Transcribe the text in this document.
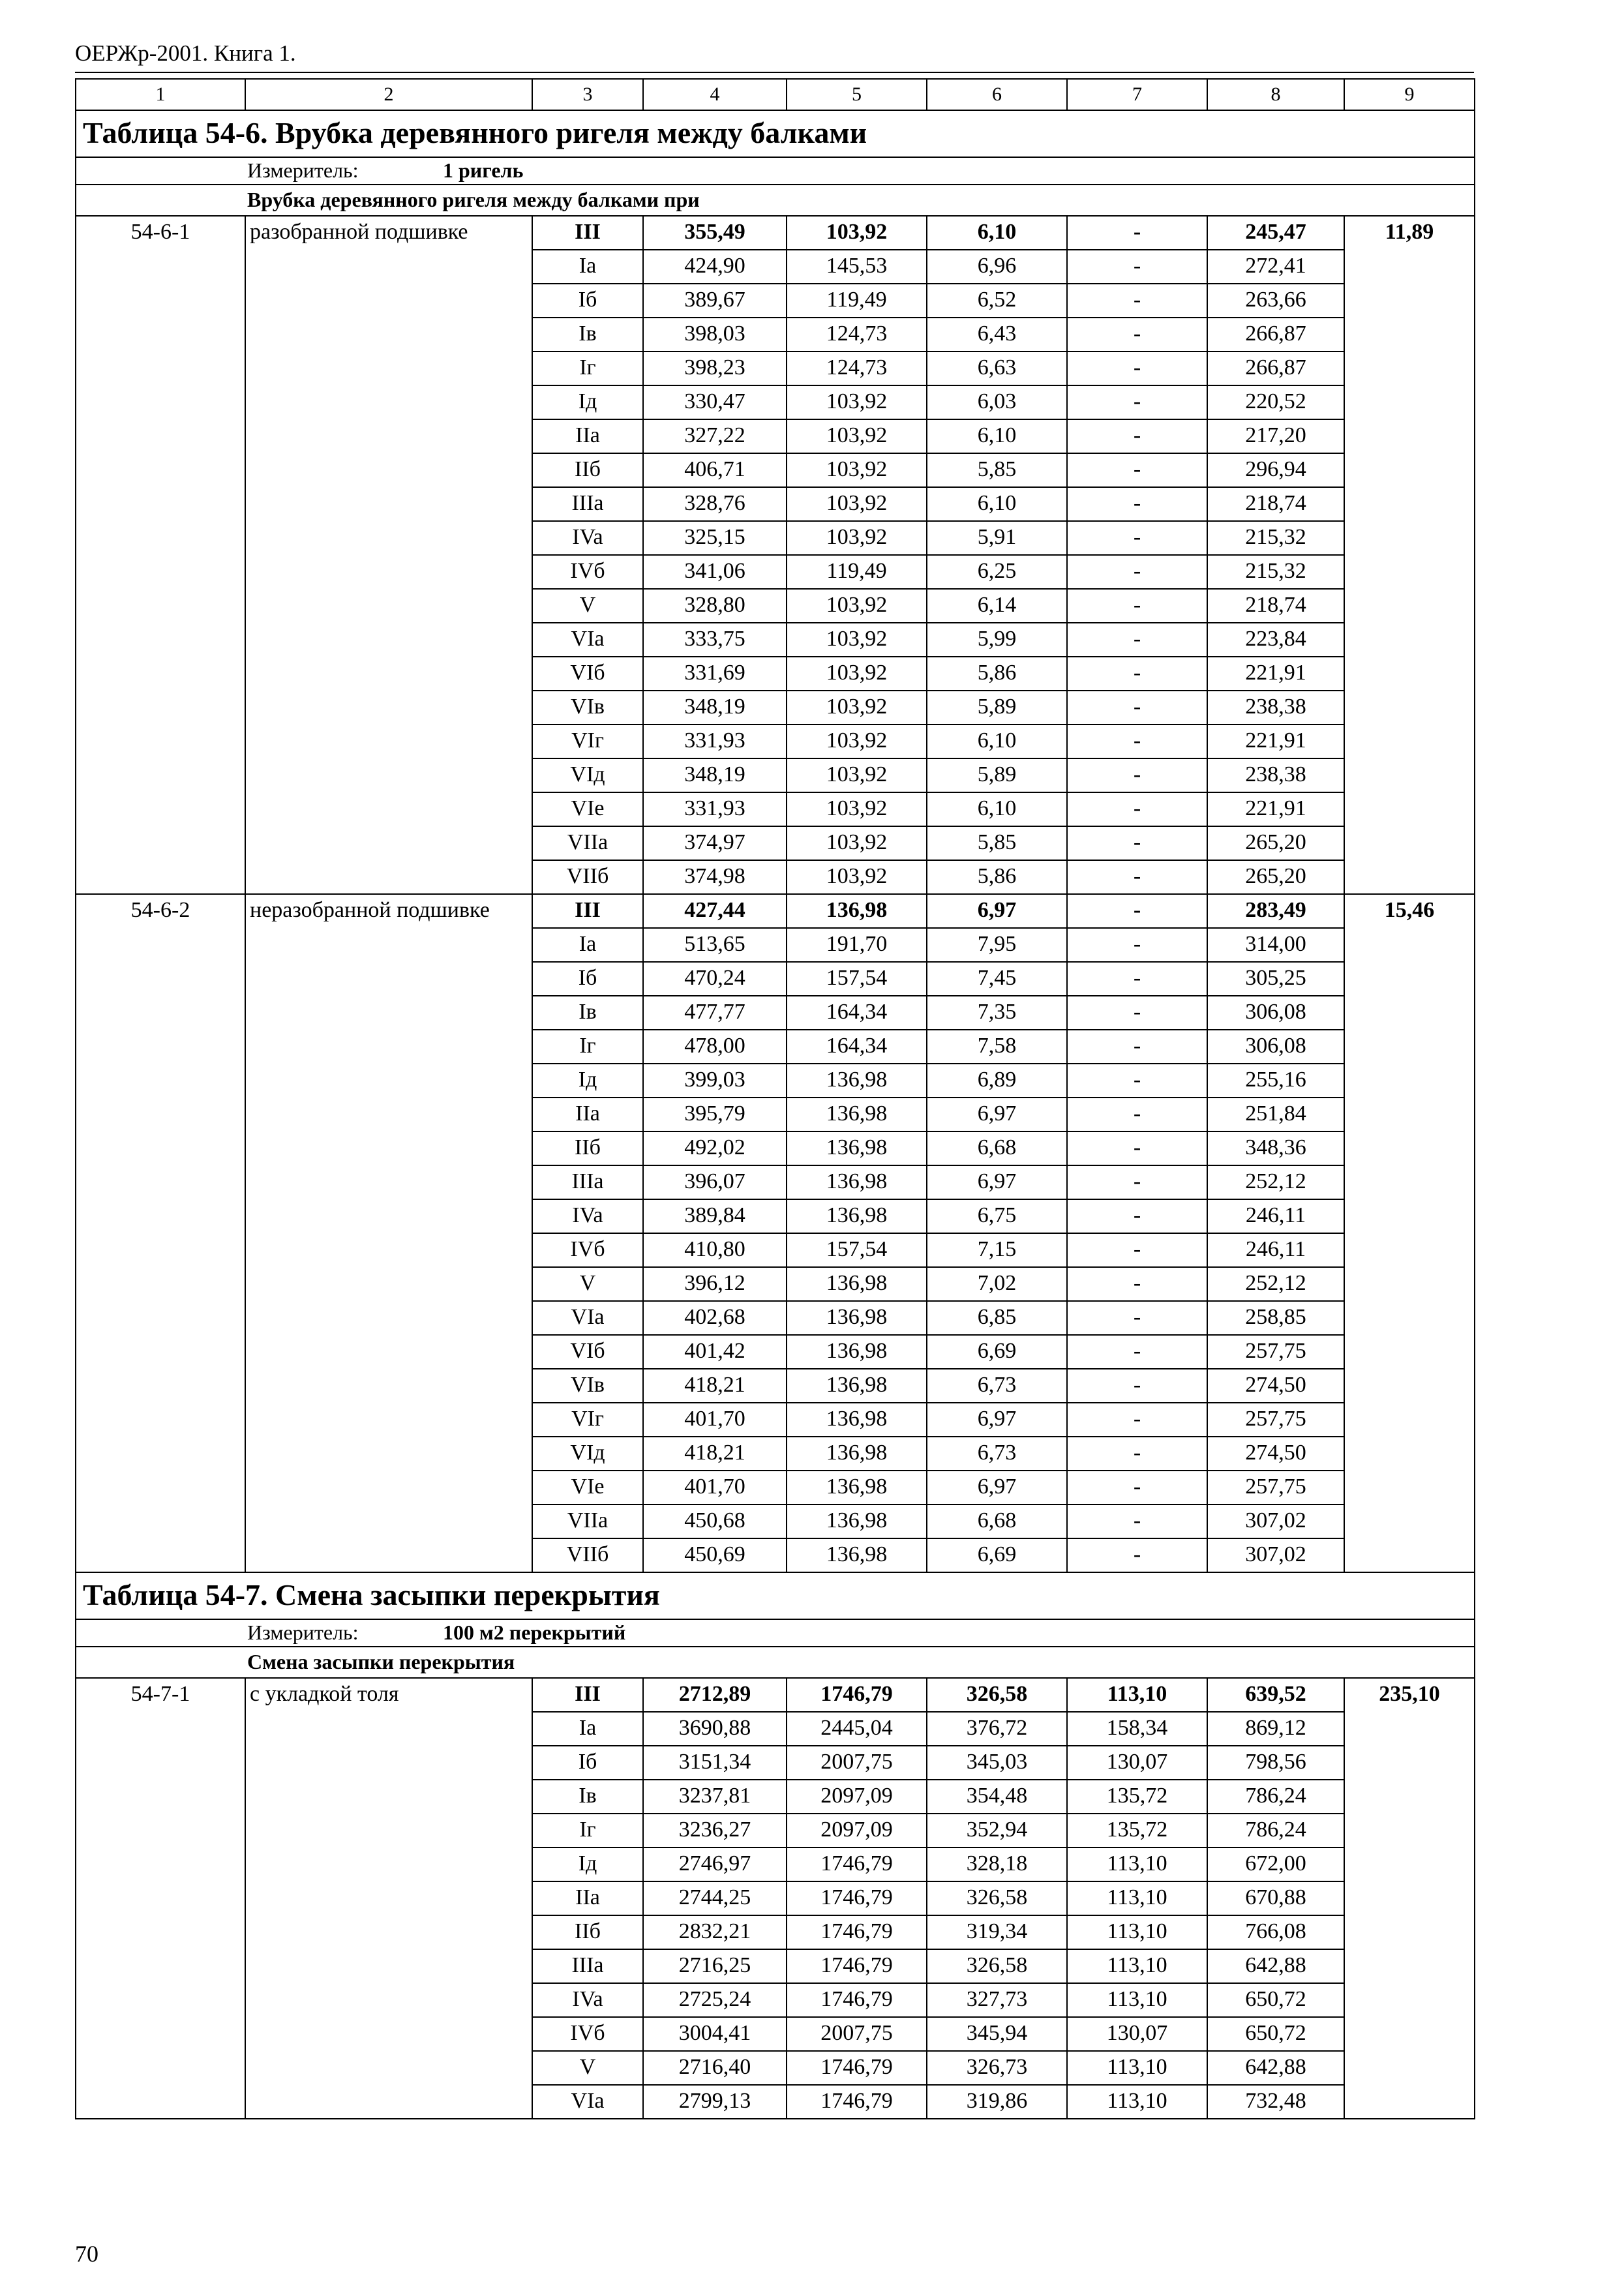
ОЕРЖр-2001. Книга 1.
1	2	3	4	5	6	7	8	9
Таблица 54-6. Врубка деревянного ригеля между балками								
Измеритель: 1 ригель								
Врубка деревянного ригеля между балками при								
54-6-1	разобранной подшивке	III	355,49	103,92	6,10	-	245,47	11,89
		Ia	424,90	145,53	6,96	-	272,41	
		Iб	389,67	119,49	6,52	-	263,66	
		Iв	398,03	124,73	6,43	-	266,87	
		Iг	398,23	124,73	6,63	-	266,87	
		Iд	330,47	103,92	6,03	-	220,52	
		IIa	327,22	103,92	6,10	-	217,20	
		IIб	406,71	103,92	5,85	-	296,94	
		IIIa	328,76	103,92	6,10	-	218,74	
		IVa	325,15	103,92	5,91	-	215,32	
		IVб	341,06	119,49	6,25	-	215,32	
		V	328,80	103,92	6,14	-	218,74	
		VIa	333,75	103,92	5,99	-	223,84	
		VIб	331,69	103,92	5,86	-	221,91	
		VIв	348,19	103,92	5,89	-	238,38	
		VIг	331,93	103,92	6,10	-	221,91	
		VIд	348,19	103,92	5,89	-	238,38	
		VIe	331,93	103,92	6,10	-	221,91	
		VIIa	374,97	103,92	5,85	-	265,20	
		VIIб	374,98	103,92	5,86	-	265,20	
54-6-2	неразобранной подшивке	III	427,44	136,98	6,97	-	283,49	15,46
		Ia	513,65	191,70	7,95	-	314,00	
		Iб	470,24	157,54	7,45	-	305,25	
		Iв	477,77	164,34	7,35	-	306,08	
		Iг	478,00	164,34	7,58	-	306,08	
		Iд	399,03	136,98	6,89	-	255,16	
		IIa	395,79	136,98	6,97	-	251,84	
		IIб	492,02	136,98	6,68	-	348,36	
		IIIa	396,07	136,98	6,97	-	252,12	
		IVa	389,84	136,98	6,75	-	246,11	
		IVб	410,80	157,54	7,15	-	246,11	
		V	396,12	136,98	7,02	-	252,12	
		VIa	402,68	136,98	6,85	-	258,85	
		VIб	401,42	136,98	6,69	-	257,75	
		VIв	418,21	136,98	6,73	-	274,50	
		VIг	401,70	136,98	6,97	-	257,75	
		VIд	418,21	136,98	6,73	-	274,50	
		VIe	401,70	136,98	6,97	-	257,75	
		VIIa	450,68	136,98	6,68	-	307,02	
		VIIб	450,69	136,98	6,69	-	307,02	
Таблица 54-7. Смена засыпки перекрытия								
Измеритель: 100 м2 перекрытий								
Смена засыпки перекрытия								
54-7-1	с укладкой толя	III	2712,89	1746,79	326,58	113,10	639,52	235,10
		Ia	3690,88	2445,04	376,72	158,34	869,12	
		Iб	3151,34	2007,75	345,03	130,07	798,56	
		Iв	3237,81	2097,09	354,48	135,72	786,24	
		Iг	3236,27	2097,09	352,94	135,72	786,24	
		Iд	2746,97	1746,79	328,18	113,10	672,00	
		IIa	2744,25	1746,79	326,58	113,10	670,88	
		IIб	2832,21	1746,79	319,34	113,10	766,08	
		IIIa	2716,25	1746,79	326,58	113,10	642,88	
		IVa	2725,24	1746,79	327,73	113,10	650,72	
		IVб	3004,41	2007,75	345,94	130,07	650,72	
		V	2716,40	1746,79	326,73	113,10	642,88	
		VIa	2799,13	1746,79	319,86	113,10	732,48	
70
